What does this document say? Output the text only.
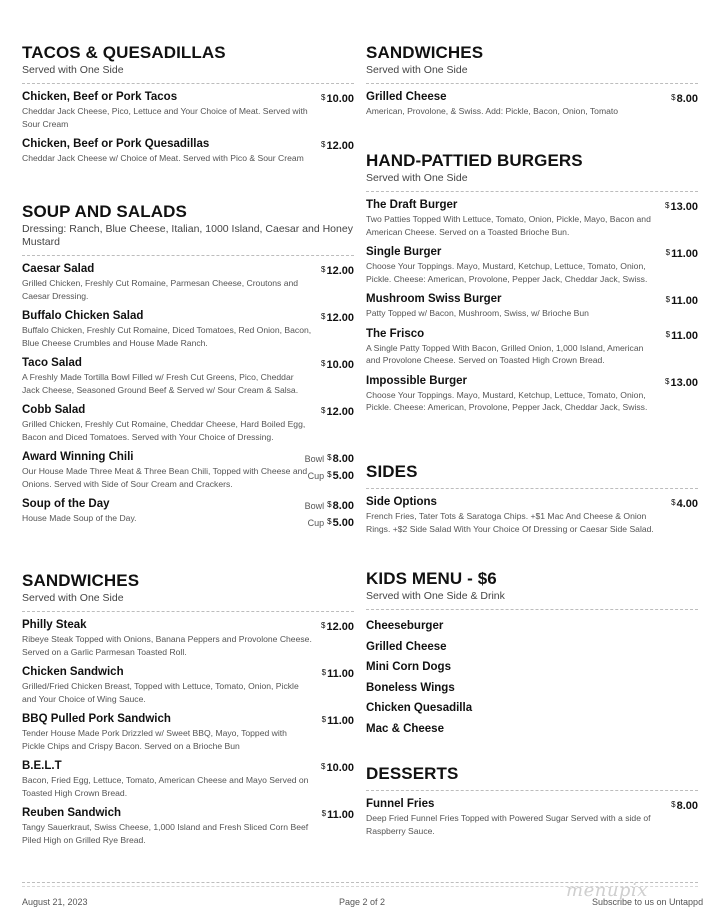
TACOS & QUESADILLAS
Served with One Side
Chicken, Beef or Pork Tacos
Cheddar Jack Cheese, Pico, Lettuce and Your Choice of Meat. Served with Sour Cream
$10.00
Chicken, Beef or Pork Quesadillas
Cheddar Jack Cheese w/ Choice of Meat. Served with Pico & Sour Cream
$12.00
SOUP AND SALADS
Dressing: Ranch, Blue Cheese, Italian, 1000 Island, Caesar and Honey Mustard
Caesar Salad
Grilled Chicken, Freshly Cut Romaine, Parmesan Cheese, Croutons and Caesar Dressing.
$12.00
Buffalo Chicken Salad
Buffalo Chicken, Freshly Cut Romaine, Diced Tomatoes, Red Onion, Bacon, Blue Cheese Crumbles and House Made Ranch.
$12.00
Taco Salad
A Freshly Made Tortilla Bowl Filled w/ Fresh Cut Greens, Pico, Cheddar Jack Cheese, Seasoned Ground Beef & Served w/ Sour Cream & Salsa.
$10.00
Cobb Salad
Grilled Chicken, Freshly Cut Romaine, Cheddar Cheese, Hard Boiled Egg, Bacon and Diced Tomatoes. Served with Your Choice of Dressing.
$12.00
Award Winning Chili
Our House Made Three Meat & Three Bean Chili, Topped with Cheese and Onions. Served with Side of Sour Cream and Crackers.
Bowl $8.00
Cup $5.00
Soup of the Day
House Made Soup of the Day.
Bowl $8.00
Cup $5.00
SANDWICHES
Served with One Side
Philly Steak
Ribeye Steak Topped with Onions, Banana Peppers and Provolone Cheese. Served on a Garlic Parmesan Toasted Roll.
$12.00
Chicken Sandwich
Grilled/Fried Chicken Breast, Topped with Lettuce, Tomato, Onion, Pickle and Your Choice of Wing Sauce.
$11.00
BBQ Pulled Pork Sandwich
Tender House Made Pork Drizzled w/ Sweet BBQ, Mayo, Topped with Pickle Chips and Crispy Bacon. Served on a Brioche Bun
$11.00
B.E.L.T
Bacon, Fried Egg, Lettuce, Tomato, American Cheese and Mayo Served on Toasted High Crown Bread.
$10.00
Reuben Sandwich
Tangy Sauerkraut, Swiss Cheese, 1,000 Island and Fresh Sliced Corn Beef Piled High on Grilled Rye Bread.
$11.00
SANDWICHES
Served with One Side
Grilled Cheese
American, Provolone, & Swiss. Add: Pickle, Bacon, Onion, Tomato
$8.00
HAND-PATTIED BURGERS
Served with One Side
The Draft Burger
Two Patties Topped With Lettuce, Tomato, Onion, Pickle, Mayo, Bacon and American Cheese. Served on a Toasted Brioche Bun.
$13.00
Single Burger
Choose Your Toppings. Mayo, Mustard, Ketchup, Lettuce, Tomato, Onion, Pickle. Cheese: American, Provolone, Pepper Jack, Cheddar Jack, Swiss.
$11.00
Mushroom Swiss Burger
Patty Topped w/ Bacon, Mushroom, Swiss, w/ Brioche Bun
$11.00
The Frisco
A Single Patty Topped With Bacon, Grilled Onion, 1,000 Island, American and Provolone Cheese. Served on Toasted High Crown Bread.
$11.00
Impossible Burger
Choose Your Toppings. Mayo, Mustard, Ketchup, Lettuce, Tomato, Onion, Pickle. Cheese: American, Provolone, Pepper Jack, Cheddar Jack, Swiss.
$13.00
SIDES
Side Options
French Fries, Tater Tots & Saratoga Chips. +$1 Mac And Cheese & Onion Rings. +$2 Side Salad With Your Choice Of Dressing or Caesar Side Salad.
$4.00
KIDS MENU - $6
Served with One Side & Drink
Cheeseburger
Grilled Cheese
Mini Corn Dogs
Boneless Wings
Chicken Quesadilla
Mac & Cheese
DESSERTS
Funnel Fries
Deep Fried Funnel Fries Topped with Powered Sugar Served with a side of Raspberry Sauce.
$8.00
August 21, 2023	Page 2 of 2	Subscribe to us on Untappd
menupix
